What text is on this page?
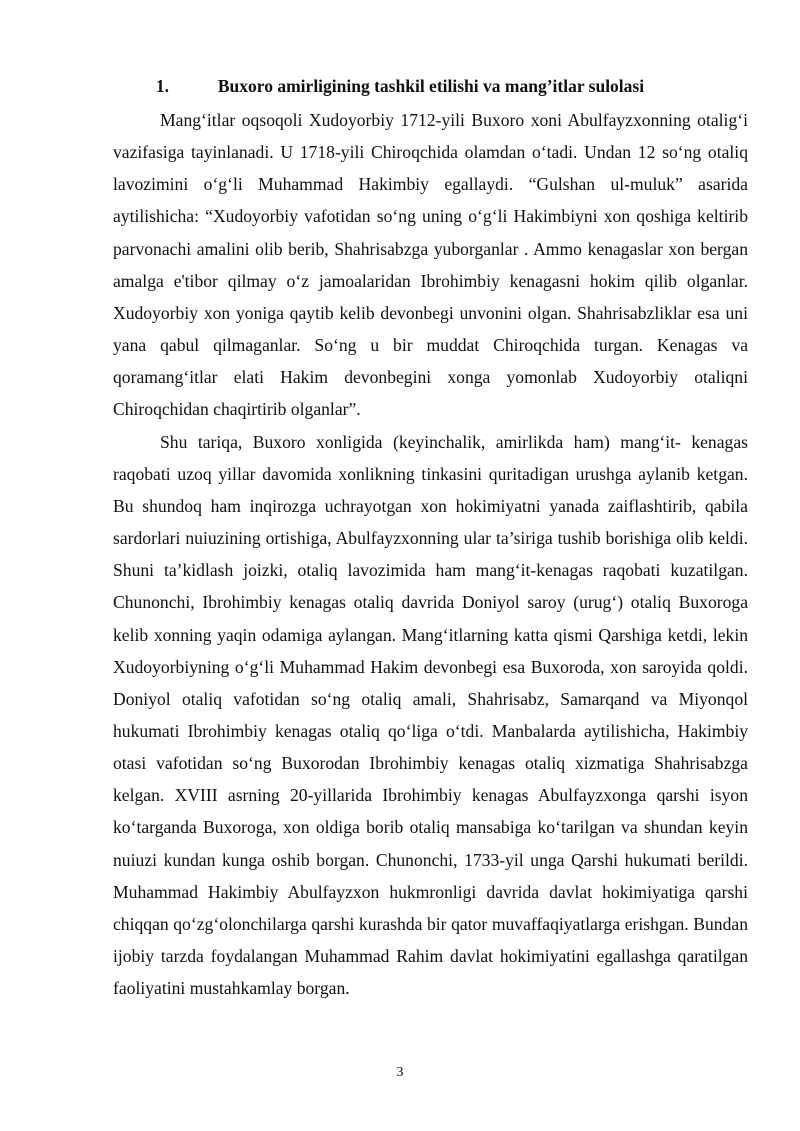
1.	Buxoro amirligining tashkil etilishi va mang’itlar sulolasi

Mang‘itlar oqsoqoli Xudoyorbiy 1712-yili Buxoro xoni Abulfayzxonning otalig‘i vazifasiga tayinlanadi. U 1718-yili Chiroqchida olamdan o‘tadi. Undan 12 so‘ng otaliq lavozimini o‘g‘li Muhammad Hakimbiy egallaydi. “Gulshan ul-muluk” asarida aytilishicha: “Xudoyorbiy vafotidan so‘ng uning o‘g‘li Hakimbiyni xon qoshiga keltirib parvonachi amalini olib berib, Shahrisabzga yuborganlar . Ammo kenagaslar xon bergan amalga e'tibor qilmay o‘z jamoalaridan Ibrohimbiy kenagasni hokim qilib olganlar. Xudoyorbiy xon yoniga qaytib kelib devonbegi unvonini olgan. Shahrisabzliklar esa uni yana qabul qilmaganlar. So‘ng u bir muddat Chiroqchida turgan. Kenagas va qoramang‘itlar elati Hakim devonbegini xonga yomonlab Xudoyorbiy otaliqni Chiroqchidan chaqirtirib olganlar”.

Shu tariqa, Buxoro xonligida (keyinchalik, amirlikda ham) mang‘it- kenagas raqobati uzoq yillar davomida xonlikning tinkasini quritadigan urushga aylanib ketgan. Bu shundoq ham inqirozga uchrayotgan xon hokimiyatni yanada zaiflashtirib, qabila sardorlari nuiuzining ortishiga, Abulfayzxonning ular ta’siriga tushib borishiga olib keldi. Shuni ta’kidlash joizki, otaliq lavozimida ham mang‘it-kenagas raqobati kuzatilgan. Chunonchi, Ibrohimbiy kenagas otaliq davrida Doniyol saroy (urug‘) otaliq Buxoroga kelib xonning yaqin odamiga aylangan. Mang‘itlarning katta qismi Qarshiga ketdi, lekin Xudoyorbiyning o‘g‘li Muhammad Hakim devonbegi esa Buxoroda, xon saroyida qoldi. Doniyol otaliq vafotidan so‘ng otaliq amali, Shahrisabz, Samarqand va Miyonqol hukumati Ibrohimbiy kenagas otaliq qo‘liga o‘tdi. Manbalarda aytilishicha, Hakimbiy otasi vafotidan so‘ng Buxorodan Ibrohimbiy kenagas otaliq xizmatiga Shahrisabzga kelgan. XVIII asrning 20-yillarida Ibrohimbiy kenagas Abulfayzxonga qarshi isyon ko‘targanda Buxoroga, xon oldiga borib otaliq mansabiga ko‘tarilgan va shundan keyin nuiuzi kundan kunga oshib borgan. Chunonchi, 1733-yil unga Qarshi hukumati berildi. Muhammad Hakimbiy Abulfayzxon hukmronligi davrida davlat hokimiyatiga qarshi chiqqan qo‘zg‘olonchilarga qarshi kurashda bir qator muvaffaqiyatlarga erishgan. Bundan ijobiy tarzda foydalangan Muhammad Rahim davlat hokimiyatini egallashga qaratilgan faoliyatini mustahkamlay borgan.

3
